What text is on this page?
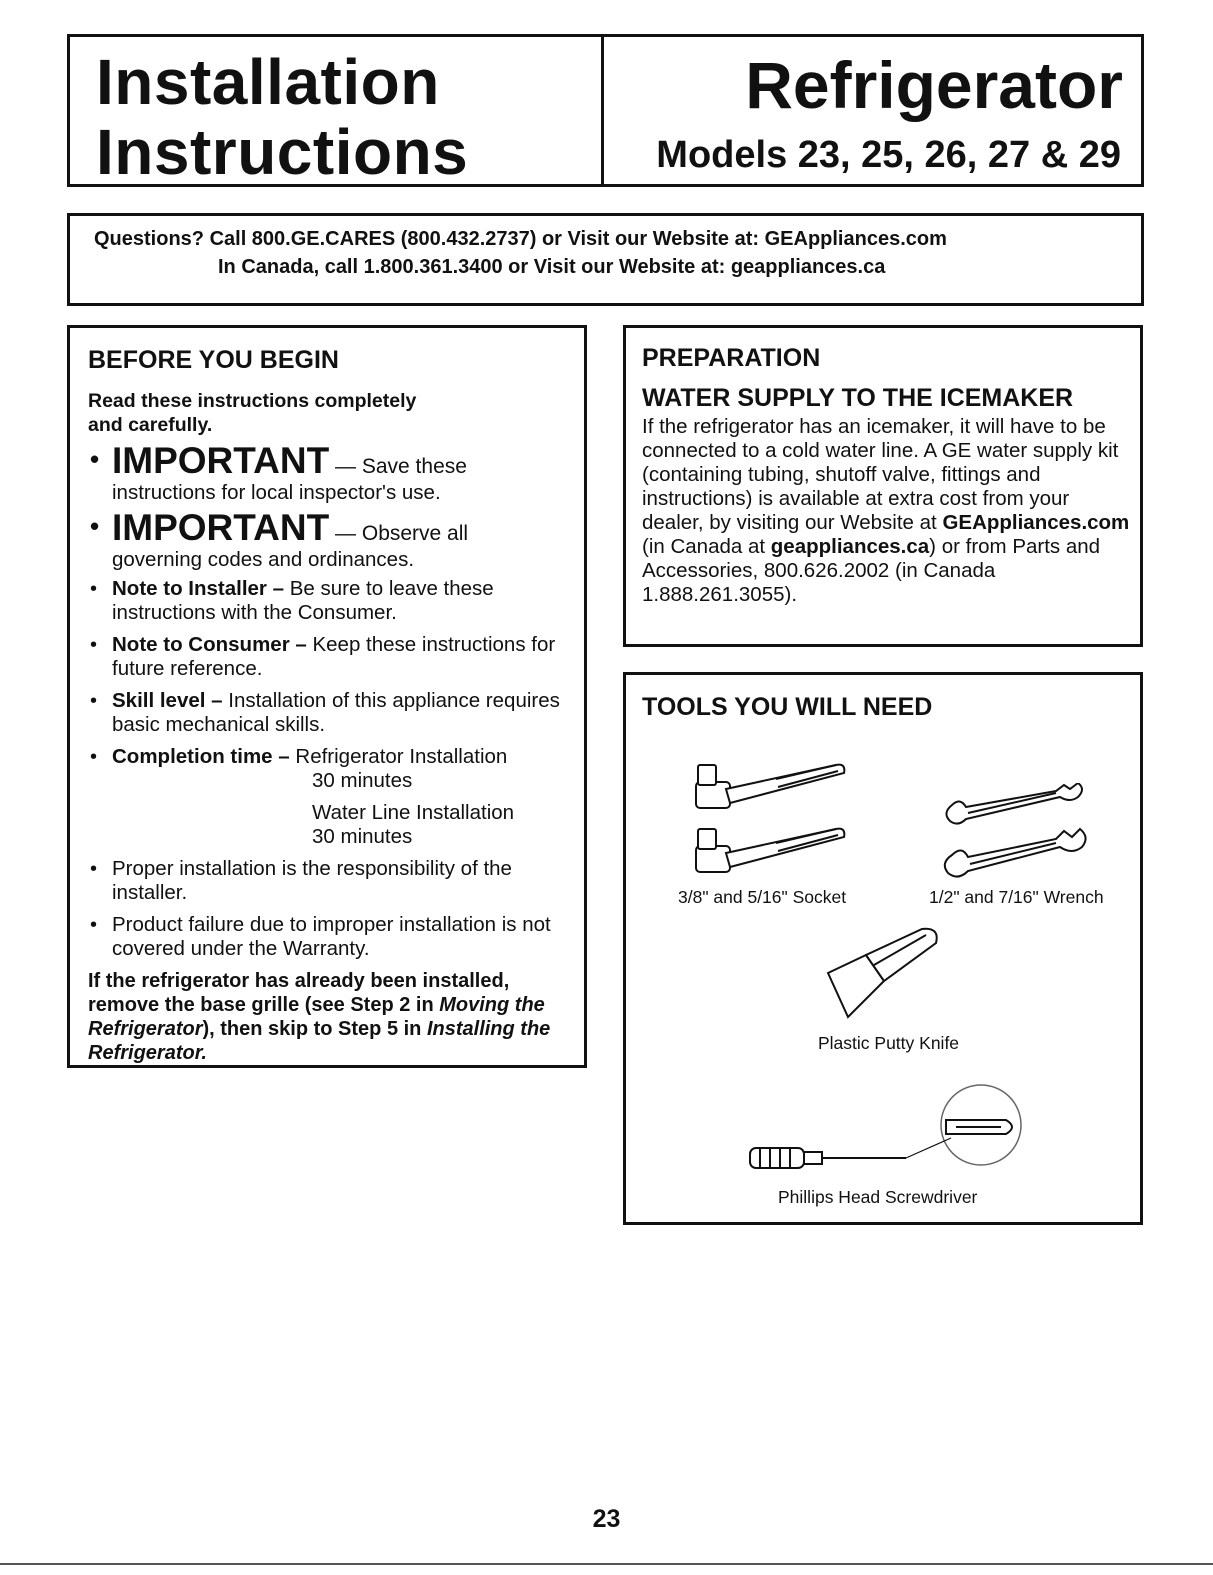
Installation
Instructions
Refrigerator
Models 23, 25, 26, 27 & 29
Questions? Call 800.GE.CARES (800.432.2737) or Visit our Website at: GEAppliances.com
In Canada, call 1.800.361.3400 or Visit our Website at: geappliances.ca
BEFORE YOU BEGIN
Read these instructions completely
and carefully.
• IMPORTANT — Save these
instructions for local inspector's use.
• IMPORTANT — Observe all
governing codes and ordinances.
• Note to Installer – Be sure to leave these instructions with the Consumer.
• Note to Consumer – Keep these instructions for future reference.
• Skill level – Installation of this appliance requires basic mechanical skills.
• Completion time – Refrigerator Installation
30 minutes
Water Line Installation
30 minutes
• Proper installation is the responsibility of the installer.
• Product failure due to improper installation is not covered under the Warranty.
If the refrigerator has already been installed, remove the base grille (see Step 2 in Moving the Refrigerator), then skip to Step 5 in Installing the Refrigerator.
PREPARATION
WATER SUPPLY TO THE ICEMAKER
If the refrigerator has an icemaker, it will have to be connected to a cold water line. A GE water supply kit (containing tubing, shutoff valve, fittings and instructions) is available at extra cost from your dealer, by visiting our Website at GEAppliances.com (in Canada at geappliances.ca) or from Parts and Accessories, 800.626.2002 (in Canada 1.888.261.3055).
TOOLS YOU WILL NEED
3/8" and 5/16" Socket	1/2" and 7/16" Wrench
Plastic Putty Knife
Phillips Head Screwdriver
23
